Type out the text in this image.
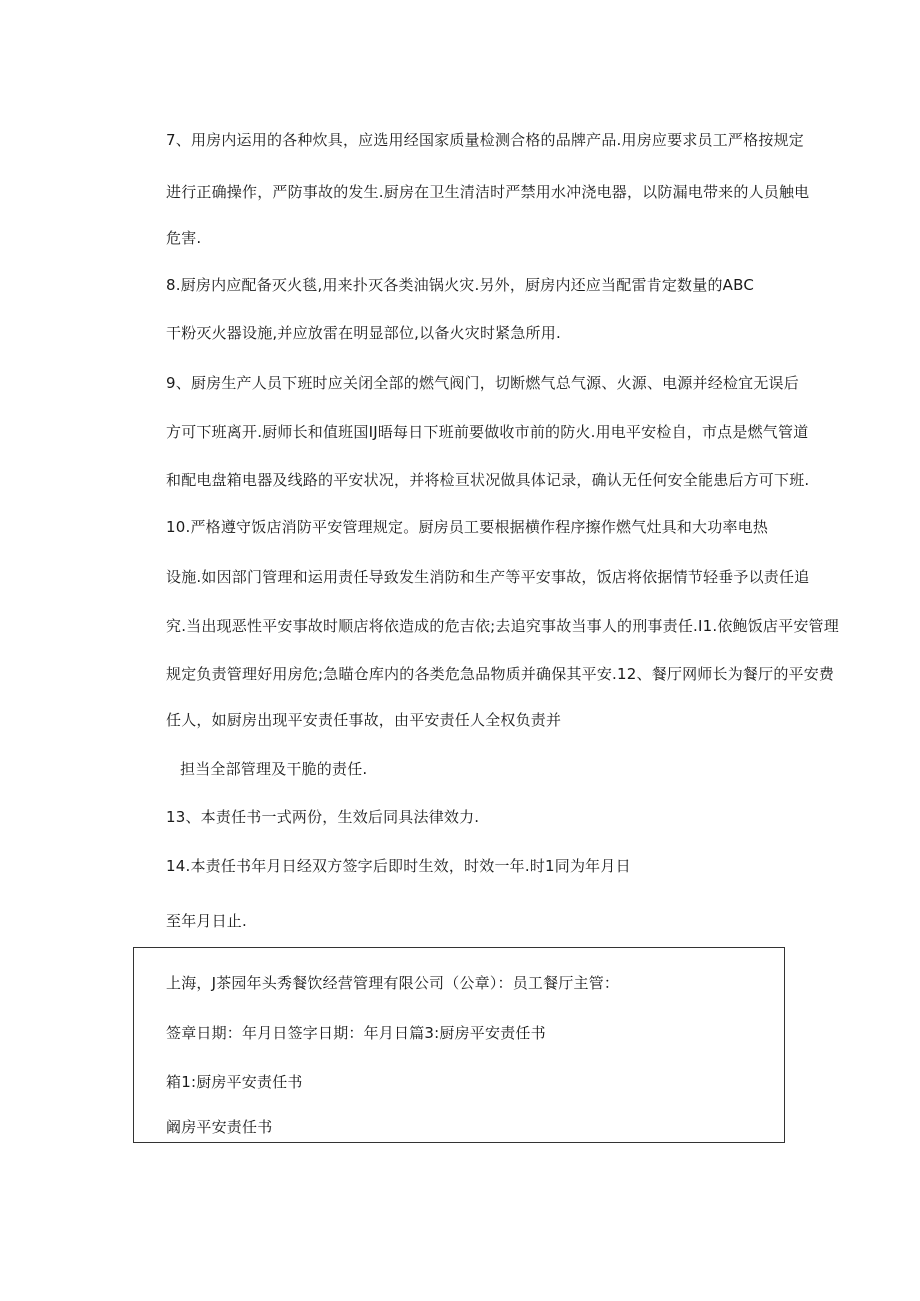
7、用房内运用的各种炊具，应选用经国家质量检测合格的品牌产品.用房应要求员工严格按规定
进行正确操作，严防事故的发生.厨房在卫生清洁时严禁用水冲浇电器，以防漏电带来的人员触电
危害.
8.厨房内应配备灭火毯,用来扑灭各类油锅火灾.另外，厨房内还应当配雷肯定数量的ABC
干粉灭火器设施,并应放雷在明显部位,以备火灾时紧急所用.
9、厨房生产人员下班时应关闭全部的燃气阀门，切断燃气总气源、火源、电源并经检宜无误后
方可下班离开.厨师长和值班国IJ晤每日下班前要做收市前的防火.用电平安检自，市点是燃气管道
和配电盘箱电器及线路的平安状况，并将检亘状况做具体记录，确认无任何安全能患后方可下班.
10.严格遵守饭店消防平安管理规定。厨房员工要根据横作程序擦作燃气灶具和大功率电热
设施.如因部门管理和运用责任导致发生消防和生产等平安事故，饭店将依据情节轻垂予以责任追
究.当出现恶性平安事故时顺店将依造成的危吉依;去追究事故当事人的刑事责任.I1.依鲍饭店平安管理
规定负责管理好用房危;急瞄仓库内的各类危急品物质并确保其平安.12、餐厅网师长为餐厅的平安费
任人，如厨房出现平安责任事故，由平安责任人全权负责并
担当全部管理及干脆的责任.
13、本责任书一式两份，生效后同具法律效力.
14.本责任书年月日经双方签字后即时生效，时效一年.时1同为年月日
至年月日止.
上海，J茶园年头秀餐饮经营管理有限公司（公章）：员工餐厅主管：
签章日期：年月日签字日期：年月日篇3:厨房平安责任书
箱1:厨房平安责任书
阚房平安责任书
